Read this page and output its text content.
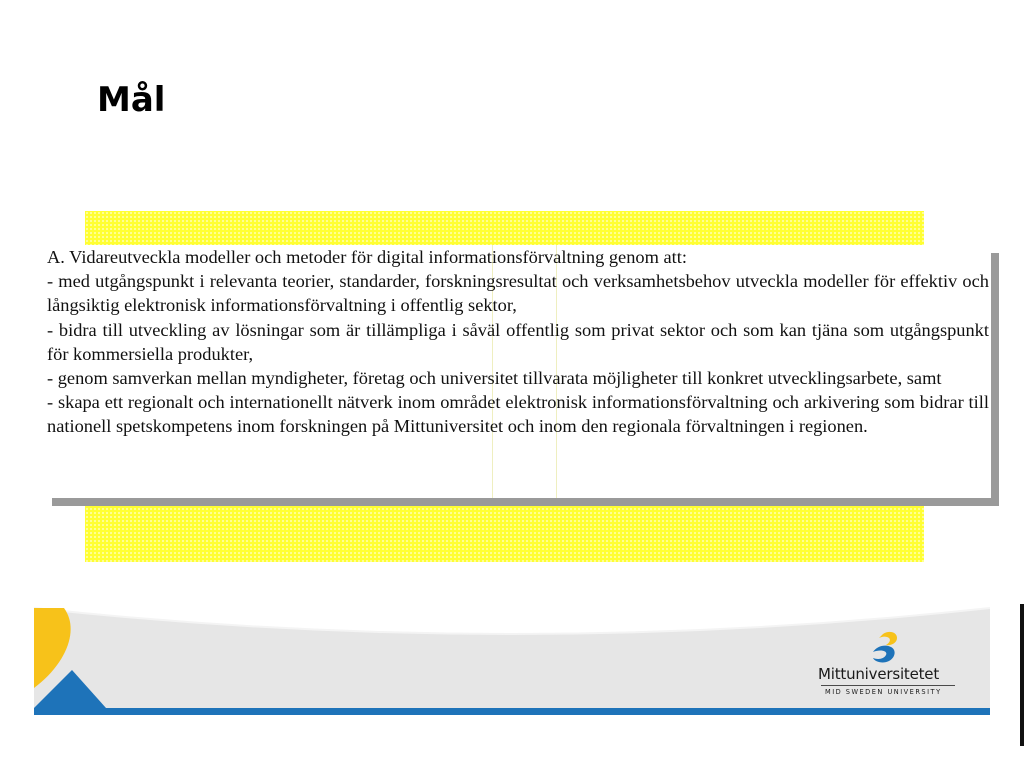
Mål

A. Vidareutveckla modeller och metoder för digital informationsförvaltning genom att:
- med utgångspunkt i relevanta teorier, standarder, forskningsresultat och verksamhetsbehov utveckla modeller för effektiv och långsiktig elektronisk informationsförvaltning i offentlig sektor,
- bidra till utveckling av lösningar som är tillämpliga i såväl offentlig som privat sektor och som kan tjäna som utgångspunkt för kommersiella produkter,
- genom samverkan mellan myndigheter, företag och universitet tillvarata möjligheter till konkret utvecklingsarbete, samt
- skapa ett regionalt och internationellt nätverk inom området elektronisk informationsförvaltning och arkivering som bidrar till nationell spetskompetens inom forskningen på Mittuniversitet och inom den regionala förvaltningen i regionen.

Mittuniversitetet
MID SWEDEN UNIVERSITY
